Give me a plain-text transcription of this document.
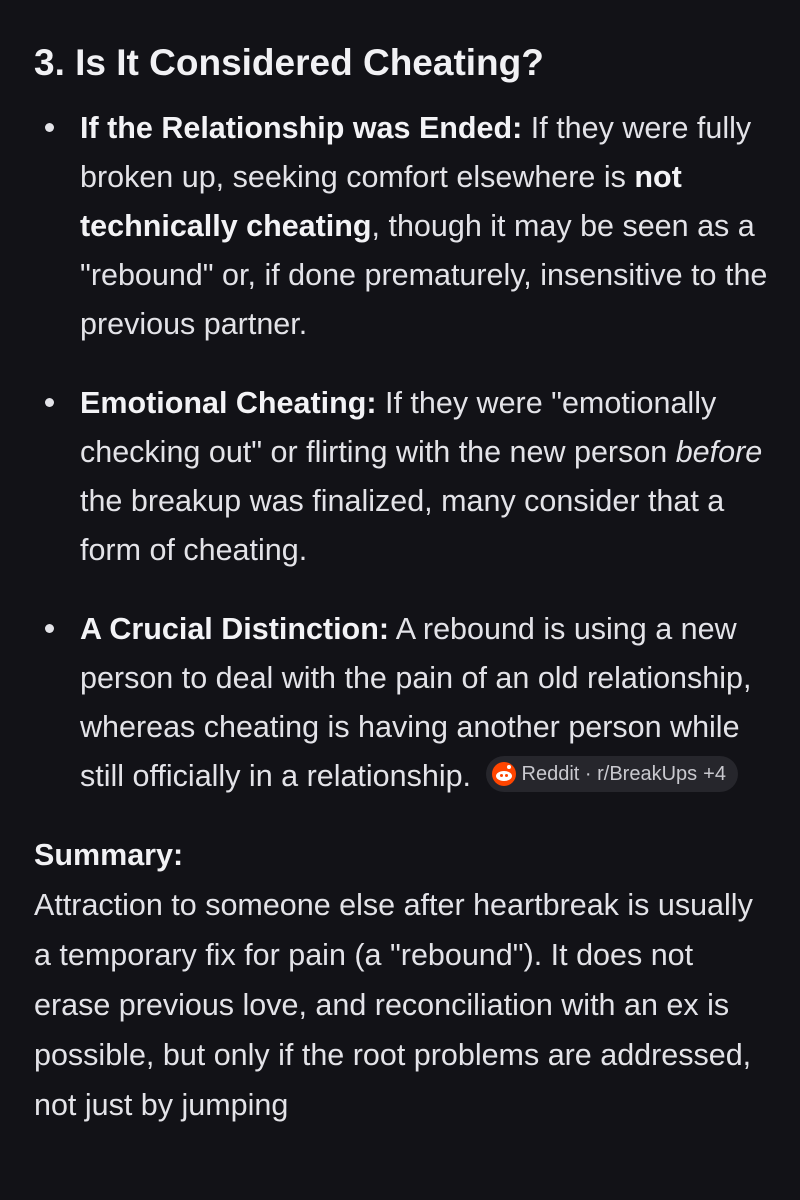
3. Is It Considered Cheating?
If the Relationship was Ended: If they were fully broken up, seeking comfort elsewhere is not technically cheating, though it may be seen as a "rebound" or, if done prematurely, insensitive to the previous partner.
Emotional Cheating: If they were "emotionally checking out" or flirting with the new person before the breakup was finalized, many consider that a form of cheating.
A Crucial Distinction: A rebound is using a new person to deal with the pain of an old relationship, whereas cheating is having another person while still officially in a relationship.	Reddit · r/BreakUps +4
Summary:

Attraction to someone else after heartbreak is usually a temporary fix for pain (a "rebound"). It does not erase previous love, and reconciliation with an ex is possible, but only if the root problems are addressed, not just by jumping
